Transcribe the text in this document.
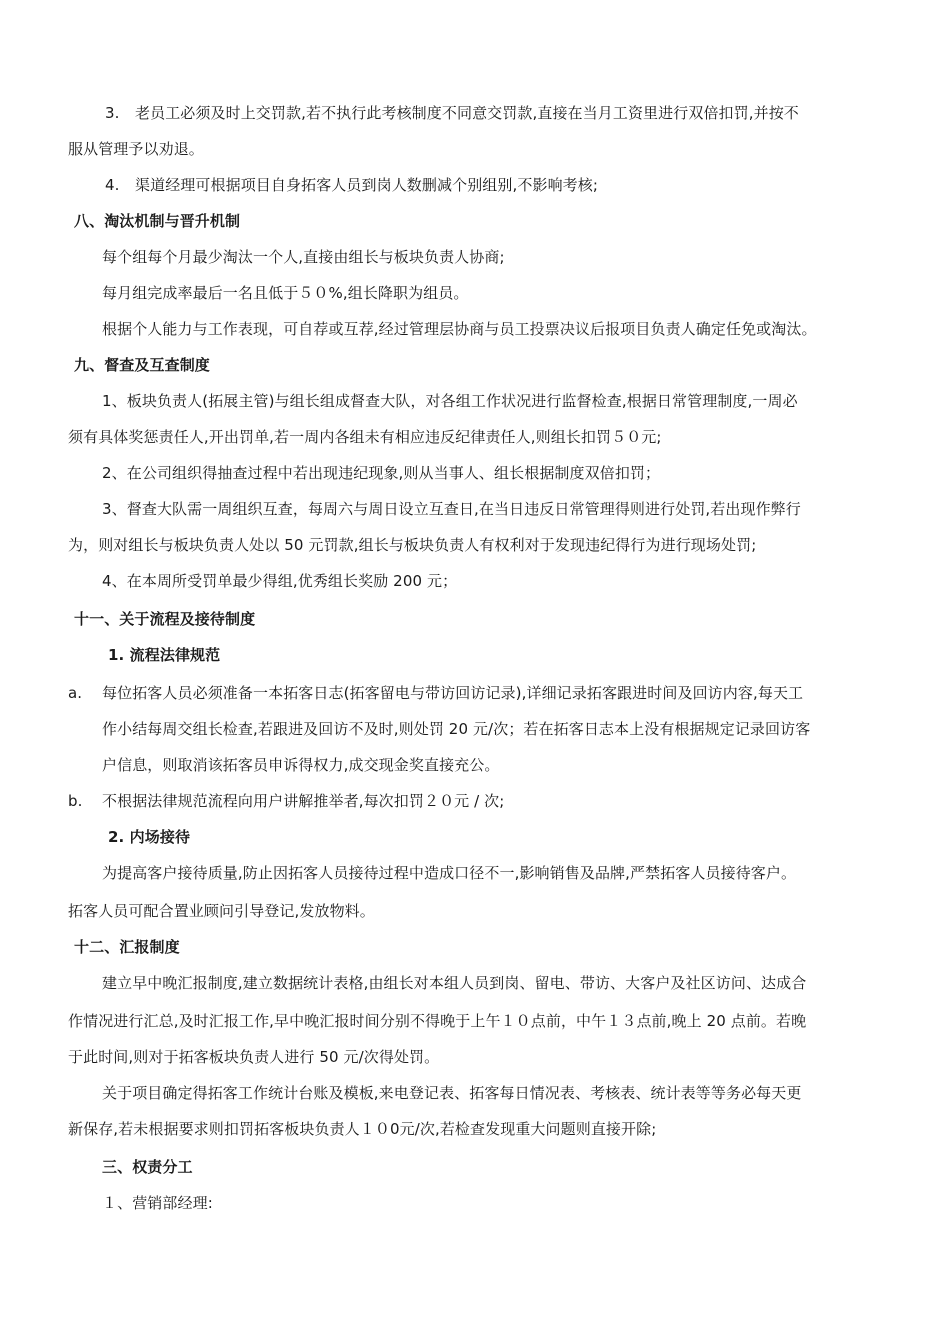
3. 老员工必须及时上交罚款,若不执行此考核制度不同意交罚款,直接在当月工资里进行双倍扣罚,并按不
服从管理予以劝退。
4. 渠道经理可根据项目自身拓客人员到岗人数删减个别组别,不影响考核;
八、淘汰机制与晋升机制
每个组每个月最少淘汰一个人,直接由组长与板块负责人协商;
每月组完成率最后一名且低于５０%,组长降职为组员。
根据个人能力与工作表现，可自荐或互荐,经过管理层协商与员工投票决议后报项目负责人确定任免或淘汰。
九、督查及互查制度
1、板块负责人(拓展主管)与组长组成督查大队，对各组工作状况进行监督检查,根据日常管理制度,一周必
须有具体奖惩责任人,开出罚单,若一周内各组未有相应违反纪律责任人,则组长扣罚５０元;
2、在公司组织得抽查过程中若出现违纪现象,则从当事人、组长根据制度双倍扣罚；
3、督查大队需一周组织互查，每周六与周日设立互查日,在当日违反日常管理得则进行处罚,若出现作弊行
为，则对组长与板块负责人处以 50 元罚款,组长与板块负责人有权利对于发现违纪得行为进行现场处罚;
4、在本周所受罚单最少得组,优秀组长奖励 200 元；
十一、关于流程及接待制度
1. 流程法律规范
a. 每位拓客人员必须准备一本拓客日志(拓客留电与带访回访记录),详细记录拓客跟进时间及回访内容,每天工
作小结每周交组长检查,若跟进及回访不及时,则处罚 20 元/次；若在拓客日志本上没有根据规定记录回访客
户信息，则取消该拓客员申诉得权力,成交现金奖直接充公。
b. 不根据法律规范流程向用户讲解推举者,每次扣罚２０元 / 次;
2. 内场接待
为提高客户接待质量,防止因拓客人员接待过程中造成口径不一,影响销售及品牌,严禁拓客人员接待客户。
拓客人员可配合置业顾问引导登记,发放物料。
十二、汇报制度
建立早中晚汇报制度,建立数据统计表格,由组长对本组人员到岗、留电、带访、大客户及社区访问、达成合
作情况进行汇总,及时汇报工作,早中晚汇报时间分别不得晚于上午１０点前，中午１３点前,晚上 20 点前。若晚
于此时间,则对于拓客板块负责人进行 50 元/次得处罚。
关于项目确定得拓客工作统计台账及模板,来电登记表、拓客每日情况表、考核表、统计表等等务必每天更
新保存,若未根据要求则扣罚拓客板块负责人１０0元/次,若检查发现重大问题则直接开除;
三、权责分工
１、营销部经理:
